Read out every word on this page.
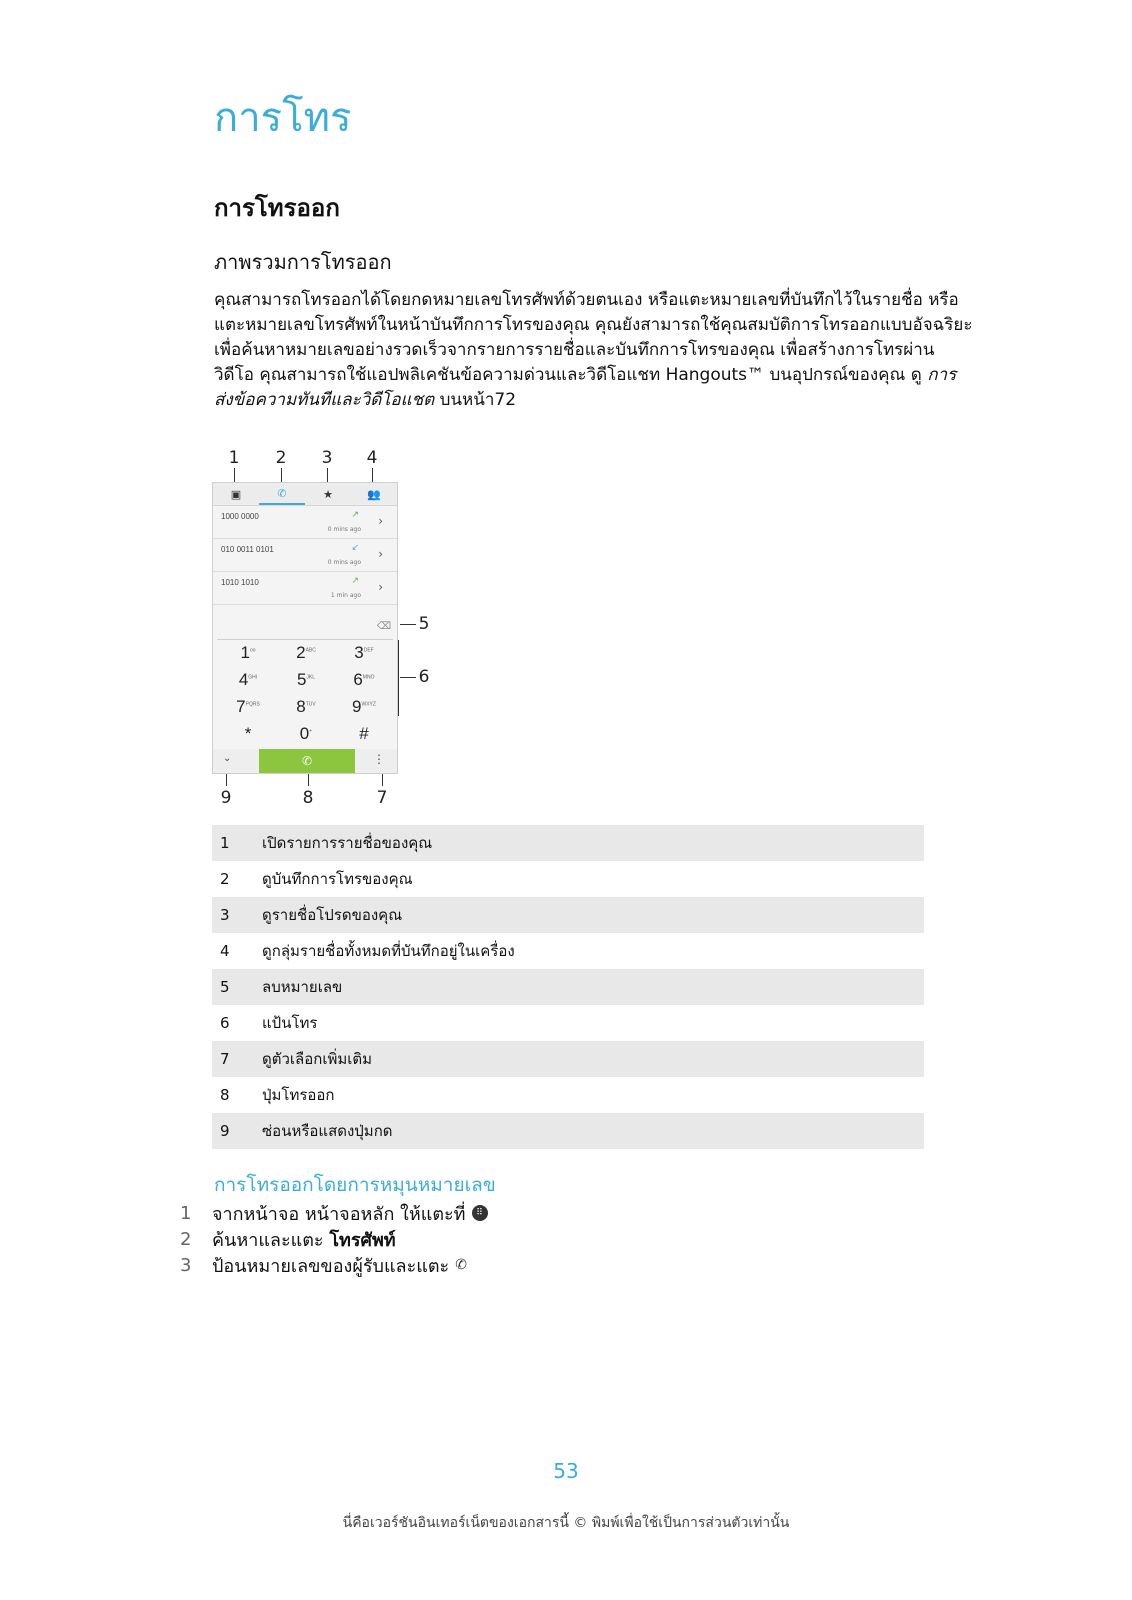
การโทร
การโทรออก
ภาพรวมการโทรออก
คุณสามารถโทรออกได้โดยกดหมายเลขโทรศัพท์ด้วยตนเอง หรือแตะหมายเลขที่บันทึกไว้ในรายชื่อ หรือแตะหมายเลขโทรศัพท์ในหน้าบันทึกการโทรของคุณ คุณยังสามารถใช้คุณสมบัติการโทรออกแบบอัจฉริยะเพื่อค้นหาหมายเลขอย่างรวดเร็วจากรายการรายชื่อและบันทึกการโทรของคุณ เพื่อสร้างการโทรผ่านวิดีโอ คุณสามารถใช้แอปพลิเคชันข้อความด่วนและวิดีโอแชท Hangouts™ บนอุปกรณ์ของคุณ ดู การส่งข้อความทันทีและวิดีโอแชต บนหน้า72
1 2 3 4
5
6
9	8	7
▣	✆	★	👥
1000 0000	↗
0 mins ago
›
010 0011 0101	↙
0 mins ago
›
1010 1010	↗
1 min ago
›
⌫
$1^{oo}$	$2^{ABC}$	$3^{DEF}$
$4^{GHI}$	$5^{JKL}$	$6^{MNO}$
$7^{PQRS}$	$8^{TUV}$	$9^{WXYZ}$
*	0+	#
⌄	✆	⋮
1	เปิดรายการรายชื่อของคุณ
2	ดูบันทึกการโทรของคุณ
3	ดูรายชื่อโปรดของคุณ
4	ดูกลุ่มรายชื่อทั้งหมดที่บันทึกอยู่ในเครื่อง
5	ลบหมายเลข
6	แป้นโทร
7	ดูตัวเลือกเพิ่มเติม
8	ปุ่มโทรออก
9	ซ่อนหรือแสดงปุ่มกด
การโทรออกโดยการหมุนหมายเลข
1	จากหน้าจอ หน้าจอหลัก ให้แตะที่	⠿
2	ค้นหาและแตะ
โทรศัพท์
3	ป้อนหมายเลขของผู้รับและแตะ ✆
53
นี่คือเวอร์ชันอินเทอร์เน็ตของเอกสารนี้ © พิมพ์เพื่อใช้เป็นการส่วนตัวเท่านั้น
